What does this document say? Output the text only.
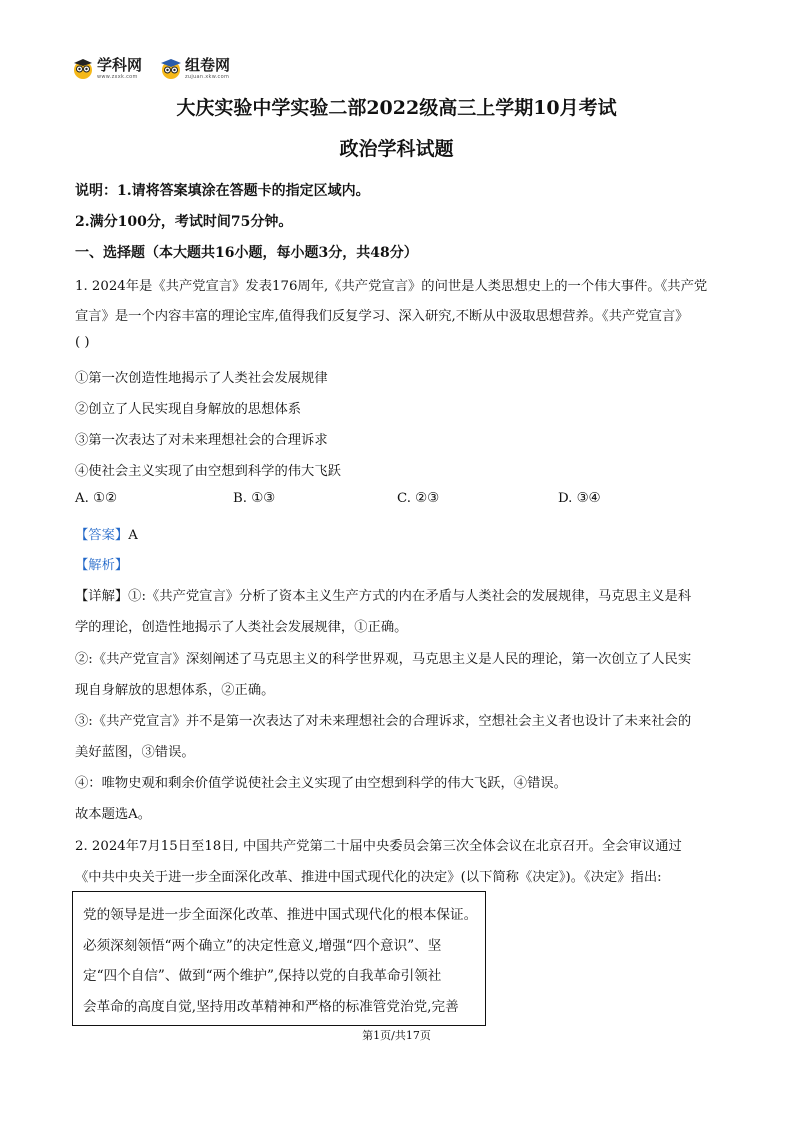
学科网
www.zxxk.com
组卷网
zujuan.xkw.com
大庆实验中学实验二部2022级高三上学期10月考试
政治学科试题
说明：1.请将答案填涂在答题卡的指定区域内。
2.满分100分，考试时间75分钟。
一、选择题（本大题共16小题，每小题3分，共48分）
1. 2024年是《共产党宣言》发表176周年,《共产党宣言》的问世是人类思想史上的一个伟大事件。《共产党
宣言》是一个内容丰富的理论宝库,值得我们反复学习、深入研究,不断从中汲取思想营养。《共产党宣言》
( )
①第一次创造性地揭示了人类社会发展规律
②创立了人民实现自身解放的思想体系
③第一次表达了对未来理想社会的合理诉求
④使社会主义实现了由空想到科学的伟大飞跃
A. ①②	B. ①③	C. ②③	D. ③④
【答案】A
【解析】
【详解】①:《共产党宣言》分析了资本主义生产方式的内在矛盾与人类社会的发展规律，马克思主义是科
学的理论，创造性地揭示了人类社会发展规律，①正确。
②:《共产党宣言》深刻阐述了马克思主义的科学世界观，马克思主义是人民的理论，第一次创立了人民实
现自身解放的思想体系，②正确。
③:《共产党宣言》并不是第一次表达了对未来理想社会的合理诉求，空想社会主义者也设计了未来社会的
美好蓝图，③错误。
④：唯物史观和剩余价值学说使社会主义实现了由空想到科学的伟大飞跃，④错误。
故本题选A。
2. 2024年7月15日至18日, 中国共产党第二十届中央委员会第三次全体会议在北京召开。全会审议通过
《中共中央关于进一步全面深化改革、推进中国式现代化的决定》(以下简称《决定》)。《决定》指出:
党的领导是进一步全面深化改革、推进中国式现代化的根本保证。
必须深刻领悟“两个确立”的决定性意义,增强“四个意识”、坚
定“四个自信”、做到“两个维护”,保持以党的自我革命引领社
会革命的高度自觉,坚持用改革精神和严格的标准管党治党,完善
第1页/共17页
